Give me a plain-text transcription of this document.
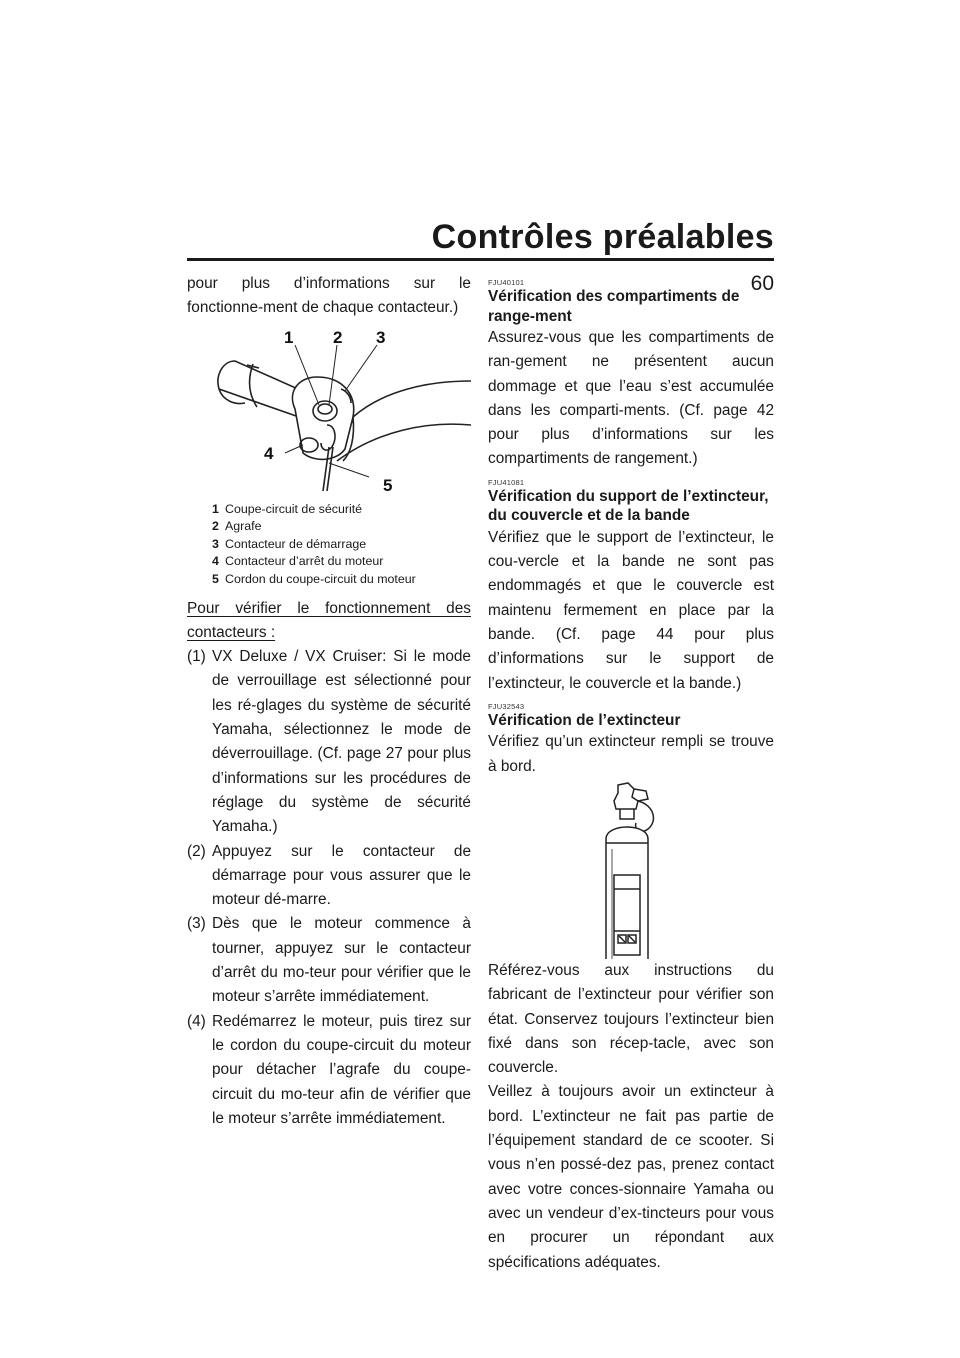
Contrôles préalables
60

pour plus d’informations sur le fonctionne-ment de chaque contacteur.)

1 2 3
4
5
1 Coupe-circuit de sécurité
2 Agrafe
3 Contacteur de démarrage
4 Contacteur d’arrêt du moteur
5 Cordon du coupe-circuit du moteur

Pour vérifier le fonctionnement des

contacteurs :

(1) VX Deluxe / VX Cruiser: Si le mode de verrouillage est sélectionné pour les ré-glages du système de sécurité Yamaha, sélectionnez le mode de déverrouillage. (Cf. page 27 pour plus d’informations sur les procédures de réglage du système de sécurité Yamaha.)
(2) Appuyez sur le contacteur de démarrage pour vous assurer que le moteur dé-marre.
(3) Dès que le moteur commence à tourner, appuyez sur le contacteur d’arrêt du mo-teur pour vérifier que le moteur s’arrête immédiatement.
(4) Redémarrez le moteur, puis tirez sur le cordon du coupe-circuit du moteur pour détacher l’agrafe du coupe-circuit du mo-teur afin de vérifier que le moteur s’arrête immédiatement.
FJU40101
Vérification des compartiments de range-ment

Assurez-vous que les compartiments de ran-gement ne présentent aucun dommage et que l’eau s’est accumulée dans les comparti-ments. (Cf. page 42 pour plus d’informations sur les compartiments de rangement.)

FJU41081
Vérification du support de l’extincteur, du couvercle et de la bande

Vérifiez que le support de l’extincteur, le cou-vercle et la bande ne sont pas endommagés et que le couvercle est maintenu fermement en place par la bande. (Cf. page 44 pour plus d’informations sur le support de l’extincteur, le couvercle et la bande.)

FJU32543
Vérification de l’extincteur

Vérifiez qu’un extincteur rempli se trouve à bord.

Référez-vous aux instructions du fabricant de l’extincteur pour vérifier son état. Conservez toujours l’extincteur bien fixé dans son récep-tacle, avec son couvercle.

Veillez à toujours avoir un extincteur à bord. L’extincteur ne fait pas partie de l’équipement standard de ce scooter. Si vous n’en possé-dez pas, prenez contact avec votre conces-sionnaire Yamaha ou avec un vendeur d’ex-tincteurs pour vous en procurer un répondant aux spécifications adéquates.
